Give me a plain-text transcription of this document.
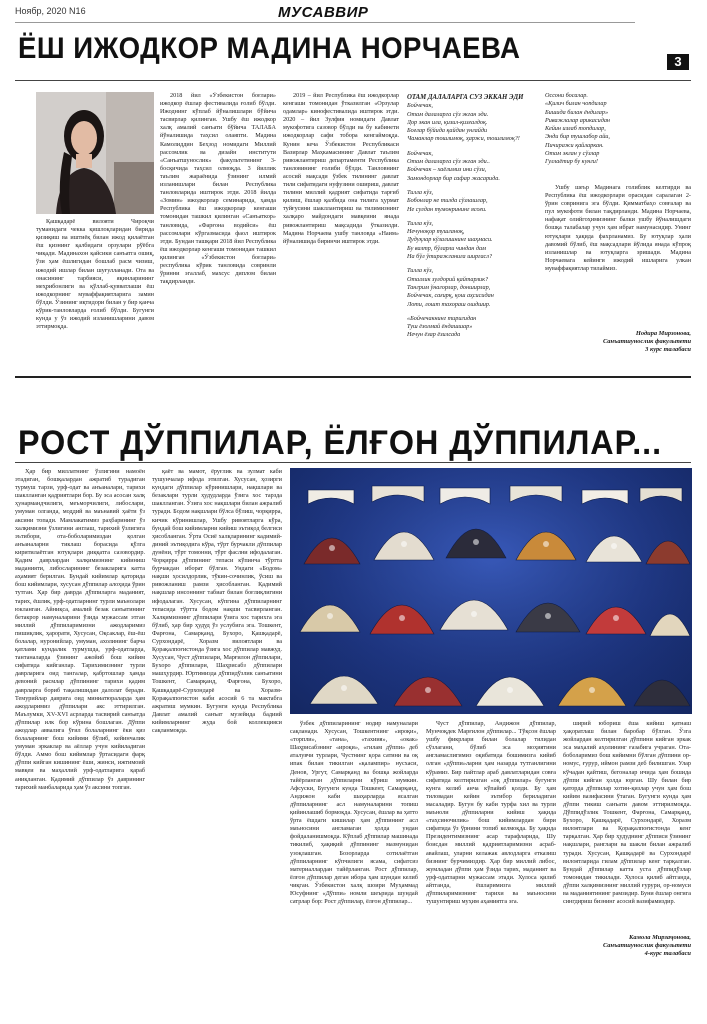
Ноябр, 2020 N16	МУСАВВИР
3
ЁШ ИЖОДКОР МАДИНА НОРЧАЕВА

Қашқадарё вилояти Чироқчи туманидаги чекка қишлоқларидан бирида қизиқиш ва иштиёқ билан ижод қилаётган ёш қизнинг қалбидаги орзулари рўёбга чиқади. Мадинахон қайсики санъатга ошиқ, ўзи ҳам ёшлигидан бошлаб расм чизиш, ижодий ишлар билан шуғулланади. Ота ва онасининг тарбияси, яқинларининг меҳрибонлиги ва қўллаб-қувватлаши ёш ижодкорнинг муваффақиятларига замин бўлди. Ўзининг иқтидори билан у бир қанча кўрик-танловларда ғолиб бўлди. Бугунги кунда у ўз ижодий изланишларини давом эттирмоқда.

2018 йил «Ўзбекистон боғлари» ижодкор ёшлар фестивалида ғолиб бўлди. Ижоднинг кўплаб йўналишлари бўйича тасвирлар қилинган. Ушбу ёш ижодкор халқ амалий санъати бўйича ТАЛАБА йўналишида таҳсил олаяпти. Мадина Камолиддин Беҳзод номидаги Миллий рассомлик ва дизайн институти «Санъатшунослик» факультетининг 3-босқичида таҳсил олмоқда. 3 йиллик таълим жараёнида ўзининг илмий изланишлари билан Республика танловларида иштирок этди. 2018 йилда «Зомин» ижодкорлар семинарида, ҳамда Республика ёш ижодкорлар кенгаши томонидан ташкил қилинган «Санъаткор» танловида, «Фарғона водийси» ёш рассомлари кўргазмасида фаол иштирок этди. Бундан ташқари 2018 йил Республика ёш ижодкорлар кенгаши томонидан ташкил қилинган «Ўзбекистон боғлари» республика кўрик танловида совринли ўринни эгаллаб, махсус диплом билан тақдирланди.

2019 – йил Республика ёш ижодкорлар кенгаши томонидан ўтказилган «Орзулар одамлар» кинофестивалида иштирок этди. 2020 – йил Зулфия номидаги Давлат мукофотига сазовор бўлди ва бу кабинети ижодкорлар сафи тобора кенгаймоқда. Кунин кеча Ўзбекистон Республикаси Вазирлар Маҳкамасининг Давлат таълим ривожлантириш департаменти Республика танловининг ғолиби бўлди. Танловнинг асосий мақсади ўзбек тилининг давлат тили сифатидаги нуфузини ошириш, давлат тилини миллий қадрият сифатида тарғиб қилиш, ёшлар қалбида она тилига ҳурмат туйғусини шакллантириш ва тилимизнинг халқаро майдондаги мавқеини янада ривожлантириш мақсадида ўтказилди. Мадина Норчаева ушбу танловда «Наим» йўналишида биринчи иштирок этди.

ОТАМ ДАЛАЛАРГА СЎЗ ЭККАН ЭДИ
Бойчечак,
Отам далаларга сўз экган эди.
Дор экан ила, қизил-қизғалдоқ.
Боғлар бўйида қайдан унгайди
Чаманлар тошлимоқ, ҳаржи, тошлимоқ?!
Бойчечак,
Отам далаларга сўз экган эди..
Бойчечак – хаёлимиз ини сўзи,
Замондорлар бир сафар жасарида.
Тилла кўз,
Бобонлар не тилда сўзлашлар,
Не сулдан тумонрининг ясоғи.
Тилла кўз,
Нечуноқор тушганоқ,
Дудуқлар кўзалишнинг шаҳмаси.
Бу валтр, бўларли чиндан дам
На бўл ўтиражганига ширгасл?
Тилла кўз,
Оталлик зулдорий қайтарлик?
Тангрим ўнагорлар, донширлар,
Бойчечак, сағирқ, қош аҳсисидан
Лоти, лошт тахораш ошдшир.
«Бойчечакнинг тиригидан
Туш ёзолмай ёндашшар»
Нечун ёзар ёзилсада
Оссони босалар.
«Қилич билан чопдилар
Бишида билан ёндилар»
Риважлалар арикасидан
Кейин излаб топдилар,
Энди бир тушлабор айи,
Пичиражи қайларкан.
Отам экган у сўзлар
Гуллаётир бу кунги!

Ушбу шеър Мадинага голиблик келтирди ва Республика ёш ижодкорлари орасидан саралаган 2-ўрин совринига эга бўлди. Қимматбаҳо совғалар ва пул мукофоти билан тақдирланди. Мадина Норчаева, нафақат олийгоҳимизнинг балки ушбу йўналишдаги бошқа талабалар учун ҳам ибрат намунасидир. Унинг ютуқлари ҳақида фахрланамиз. Бу ютуқлар ҳали давомий бўлиб, ёш мақсадлари йўлида янада кўпроқ изланишлар ва ютуқларга эришади. Мадина Норчаевага кейинги ижодий ишларига улкан муваффақиятлар тилаймиз.

Нодира Мирзонова,
Санъатшунослик факультети
3 курс талабаси
РОСТ ДЎППИЛАР, ЁЛҒОН ДЎППИЛАР...

Ҳар бир миллатнинг ўзлигини намоён этадиган, бошқалардан ажратиб турадиган турмуш тарзи, урф-одат ва анъаналари, тарихи шаклланган қадриятлари бор. Бу эса асосан халқ ҳунармандчилиги, меъморчилиги, либослари, умуман олганда, моддий ва маънавий ҳаёти ўз аксини топади. Мамлакатимиз раҳбарининг ўз халқимизни ўзлигини англаш, тарихий ўзлигига эътибори, ота-боболаримиздан қолган анъаналарни тиклаш борасида қўлга киритилаётган ютуқлари диққатга сазовордир. Қадим даврлардан халқимизнинг кийиниш маданияти, либосларининг безакларига катта аҳамият берилган. Бундай кийимлар қаторида бош кийимлари, хусусан дўппилар алоҳида ўрин тутган. Ҳар бир даврда дўппиларга маданият, тарих, ёшлик, урф-одатларнинг турли маънолари юкланган. Айниқса, амалий безак санъатининг бетакрор намуналарини ўзида мужассам этган миллий дўппиларимизни ажодларимиз пишиқлик, ҳарорати, Хусусан, Оқсаклар, ёш-ёш болалар, нуронийлар, умуман, ахолининг барча қатлами кундалик турмушда, урф-одатларда, тантаналарда ўзининг ажойиб бош кийим сифатида кийганлар. Тарихимизнинг турли даврларига оид тангалар, қабртошлар ҳамда девоний расмлар дўппининг тарихи қадим даврларга бориб тақалишидан далолат беради. Темурийлар даврига оид миниатюраларда ҳам ажодларимиз дўппилари акс эттирилган. Маълумки, XV-XVI асрларда тасвирий санъатда дўппилар илк бор кўрина бошлаган. Дўппи ажодлар аввалига ўғил болаларнинг ёки қиз болаларнинг бош кийими бўлиб, кейинчалик умуман эркаклар ва аёллар учун кийиладиган бўлди. Аммо бош кийимлар ўртасидаги фарқ дўппи кийган кишининг ёши, жинси, ижтимоий мавқеи ва маҳаллий урф-одатларига қараб аниқланган. Қадимий дўппилар ўз даврининг тарихий манбаларида ҳам ўз аксини топган.

қаёт ва мамот, ёруғлик ва зулмат каби тушунчалар ифода этилган. Хусусан, ҳозирги кундаги дўппилар кўринишлари, нақшлари ва безаклари турли ҳудудларда ўзига хос тарзда шаклланган. Ўзига хос нақшлари билан ажралиб туради. Бодом нақшлари бўлса бўлиш, чорқирра, кичик кўринишлар, Ушбу ривоятларга кўра, бундай бош кийимларни кийиш эътиқод белгиси ҳисобланган. Ўрта Осиё халқларининг кадимий-диний эътиқодига кўра, тўрт бурчакли дўппилар дунёни, тўрт томонни, тўрт фаслни ифодалаган. Чорқирра дўппининг тепаси кўпинча тўртта бурчакдан иборат бўлган. Ундаги «Бодом» нақши ҳосилдорлик, тўкин-сочинлик, ўсиш ва ривожланиш рамзи ҳисобланган. Қадимий нақшлар инсоннинг табиат билан боғлиқлигини ифодалаган. Хусусан, кўпгина дўппиларнинг тепасида тўртта бодом нақши тасвирланган. Халқимизнинг дўппилари ўзига хос тарихга эга бўлиб, ҳар бир ҳудуд ўз услубига эга. Тошкент, Фарғона, Самарқанд, Бухоро, Қашқадарё, Сурхондарё, Хоразм вилоятлари ва Қорақалпоғистонда ўзига хос дўппилар мавжуд. Хусусан, Чуст дўппилари, Марғилон дўппилари, Бухоро дўппилари, Шаҳрисабз дўппилари машҳурдир. Юртимизда дўппидўзлик санъатини Тошкент, Самарқанд, Фарғона, Бухоро, Қашқадарё-Сурхондарё ва Хоразм-Қорақалпоғистон каби асосий 6 та мактабга ажратиш мумкин. Бугунги кунда Республика Давлат амалий санъат музейида бадиий кийимларнинг жуда бой коллекцияси сақланмоқда.

ўзбек дўппиларининг нодир намуналари сақланади. Хусусан, Тошкентнинг «ироқи», «торпли», «тана», «тахиия», «окак» Шаҳрисабзнинг «ироқи», «гилам дўппи» деб аталувчи турлари, Чустнинг қора сатини ва оқ ипак билан тикилган «қалампир» нусхаси, Денов, Ургут, Самарқанд ва бошқа жойларда тайёрланган дўппиларни кўриш мумкин. Афсуски, Бугунги кунда Тошкент, Самарқанд, Андижон каби шаҳарларда ясалган дўппиларнинг асл намуналарини топиш қийинлашиб бормоқда. Хусусан, ёшлар ва ҳатто ўрта ёшдаги кишилар ҳам дўппининг асл маъносини англамаган ҳолда ундан фойдаланишмоқда. Кўплаб дўппилар машинада тикилиб, ҳақиқий дўппининг мазмунидан узоқлашган. Бозорларда сотилаётган дўппиларнинг кўпчилиги ясама, сифатсиз материаллардан тайёрланган. Рост дўппилар, ёлғон дўппилар деган ибора ҳам шундан келиб чиқган. Ўзбекистон халқ шоири Муҳаммад Юсуфнинг «Дўппи» номли шеърида шундай сатрлар бор: Рост дўппилар, ёлғон дўппилар...

Чуст дўппилар, Андижон дўппилар, Мунчоқдек Марғилон дўппилар... Тўқсон ёшлар ушбу фикрлари билан болалар тилидан сўзлагани, бўлиб эса моҳиятини англамаслигимиз оқибатида бошимизга кийиб олган «дўппи»ларни ҳам назарда тутганлигини кўрамиз. Бир пайтлар араб давлатларидан совға сифатида келтирилган «оқ дўппилар» бугунги кунга келиб анча кўпайиб қолди. Бу ҳам тиловадан кейин эътибор бериладиган масаладир. Бугун бу каби турфа хил ва турли маъноли дўппиларни кийиш ҳақида «таҳсиночилик» бош кийимлардан бири сифатида ўз ўрнини топиб келмоқда. Бу ҳақида Президентимизнинг асар тарафларида, Шу боисдан миллий қадриятларимизни асраб-авайлаш, уларни келажак авлодларга етказиш бизнинг бурчимиздир. Ҳар бир миллий либос, жумладан дўппи ҳам ўзида тарих, маданият ва урф-одатларни мужассам этади. Хулоса қилиб айтганда, ёшларимизга миллий дўппиларимизнинг тарихи ва маъносини тушунтириш муҳим аҳамиятга эга.

ширий юбориш ёша кийиш қатнаш ҳақоратлаш билан баробар бўлган. Ўзга жойлардан келтирилган дўппини кийган эркак эса маҳалий аҳолининг ғазабига учраган. Ота-боболаримиз бош кийимни бўлган дўппини ор-номус, ғурур, иймон рамзи деб билишган. Улар кўчадан қайтиш, бегоналар ичида ҳам бошида дўппи кийган ҳолда юрган. Шу билан бир қаторда дўппилар хотин-қизлар учун ҳам бош кийим вазифасини ўтаган. Бугунги кунда ҳам дўппи тикиш санъати давом эттирилмоқда. Дўппидўзлик Тошкент, Фарғона, Самарқанд, Бухоро, Қашқадарё, Сурхондарё, Хоразм вилоятлари ва Қорақалпоғистонда кенг тарқалган. Ҳар бир ҳудуднинг дўпписи ўзининг нақшлари, ранглари ва шакли билан ажралиб туради. Хусусан, Қашқадарё ва Сурхондарё вилоятларида гилам дўппилар кенг тарқалган. Бундай дўппилар катта уста дўппидўзлар томонидан тикилади. Хулоса қилиб айтганда, дўппи халқимизнинг миллий ғурури, ор-номуси ва маданиятининг рамзидир. Буни ёшлар онгига сингдириш бизнинг асосий вазифамиздир.

Камола Мирзаҷонова,
Санъатшунослик факультети
4-курс талабаси
